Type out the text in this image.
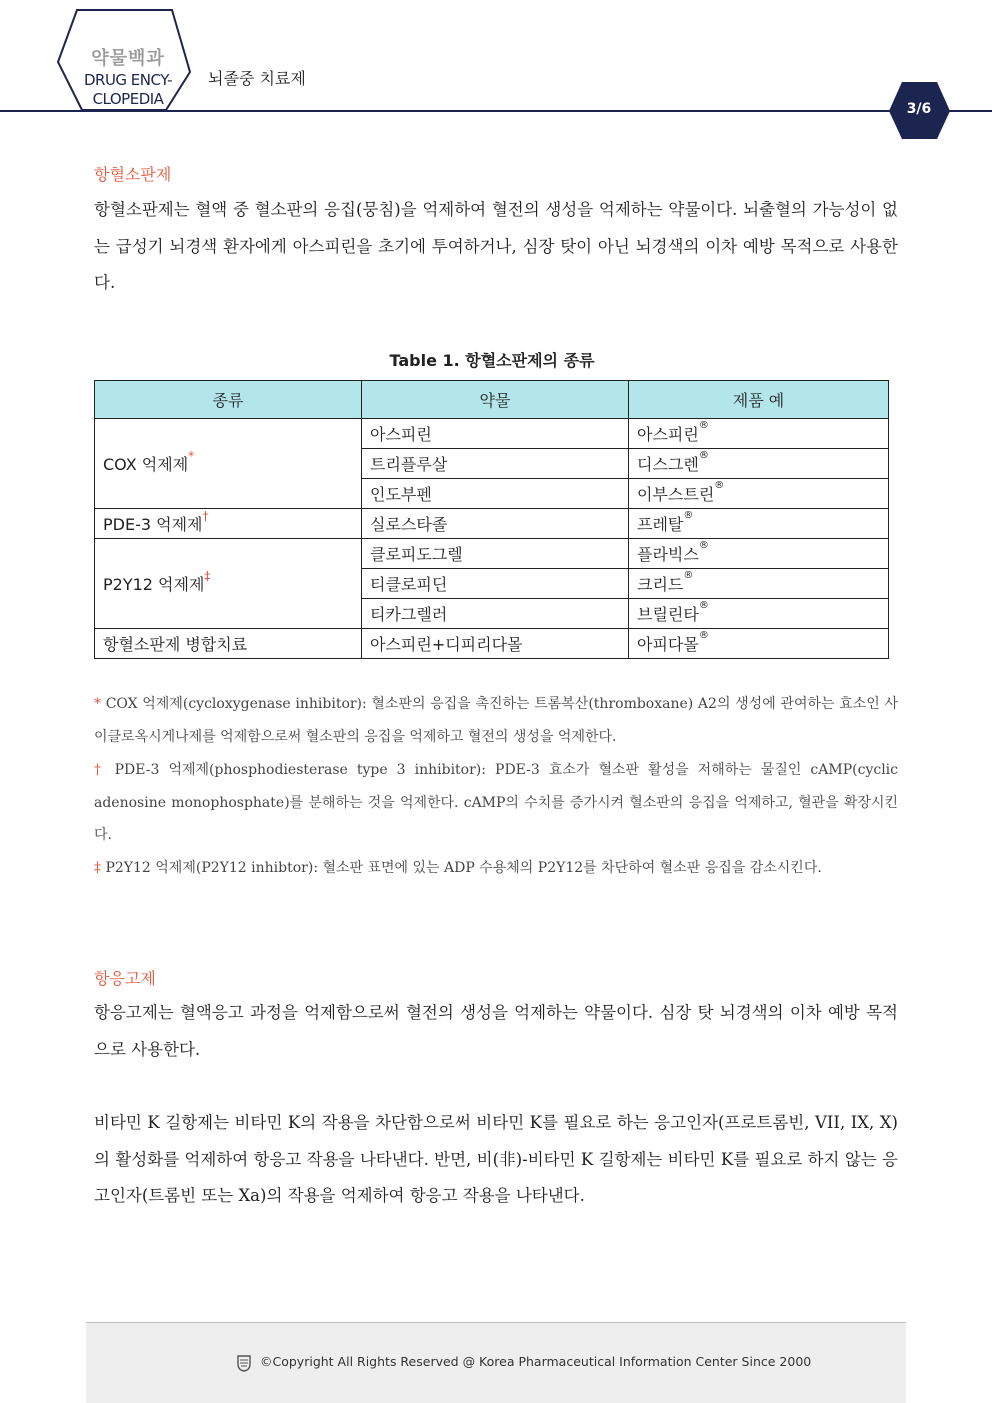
약물백과
DRUG ENCY-
CLOPEDIA
뇌졸중 치료제
3/6
항혈소판제
항혈소판제는 혈액 중 혈소판의 응집(뭉침)을 억제하여 혈전의 생성을 억제하는 약물이다. 뇌출혈의 가능성이 없는 급성기 뇌경색 환자에게 아스피린을 초기에 투여하거나, 심장 탓이 아닌 뇌경색의 이차 예방 목적으로 사용한다.
Table 1. 항혈소판제의 종류
종류	약물	제품 예
COX 억제제*	아스피린	아스피린®
	트리플루살	디스그렌®
	인도부펜	이부스트린®
PDE-3 억제제†	실로스타졸	프레탈®
P2Y12 억제제‡	클로피도그렐	플라빅스®
	티클로피딘	크리드®
	티카그렐러	브릴린타®
항혈소판제 병합치료	아스피린+디피리다몰	아피다몰®
* COX 억제제(cycloxygenase inhibitor): 혈소판의 응집을 촉진하는 트롬복산(thromboxane) A2의 생성에 관여하는 효소인 사이클로옥시게나제를 억제함으로써 혈소판의 응집을 억제하고 혈전의 생성을 억제한다.
† PDE-3 억제제(phosphodiesterase type 3 inhibitor): PDE-3 효소가 혈소판 활성을 저해하는 물질인 cAMP(cyclic adenosine monophosphate)를 분해하는 것을 억제한다. cAMP의 수치를 증가시켜 혈소판의 응집을 억제하고, 혈관을 확장시킨다.
‡ P2Y12 억제제(P2Y12 inhibtor): 혈소판 표면에 있는 ADP 수용체의 P2Y12를 차단하여 혈소판 응집을 감소시킨다.
항응고제
항응고제는 혈액응고 과정을 억제함으로써 혈전의 생성을 억제하는 약물이다. 심장 탓 뇌경색의 이차 예방 목적으로 사용한다.
비타민 K 길항제는 비타민 K의 작용을 차단함으로써 비타민 K를 필요로 하는 응고인자(프로트롬빈, VII, IX, X)의 활성화를 억제하여 항응고 작용을 나타낸다. 반면, 비(非)-비타민 K 길항제는 비타민 K를 필요로 하지 않는 응고인자(트롬빈 또는 Xa)의 작용을 억제하여 항응고 작용을 나타낸다.
©Copyright All Rights Reserved @ Korea Pharmaceutical Information Center Since 2000
